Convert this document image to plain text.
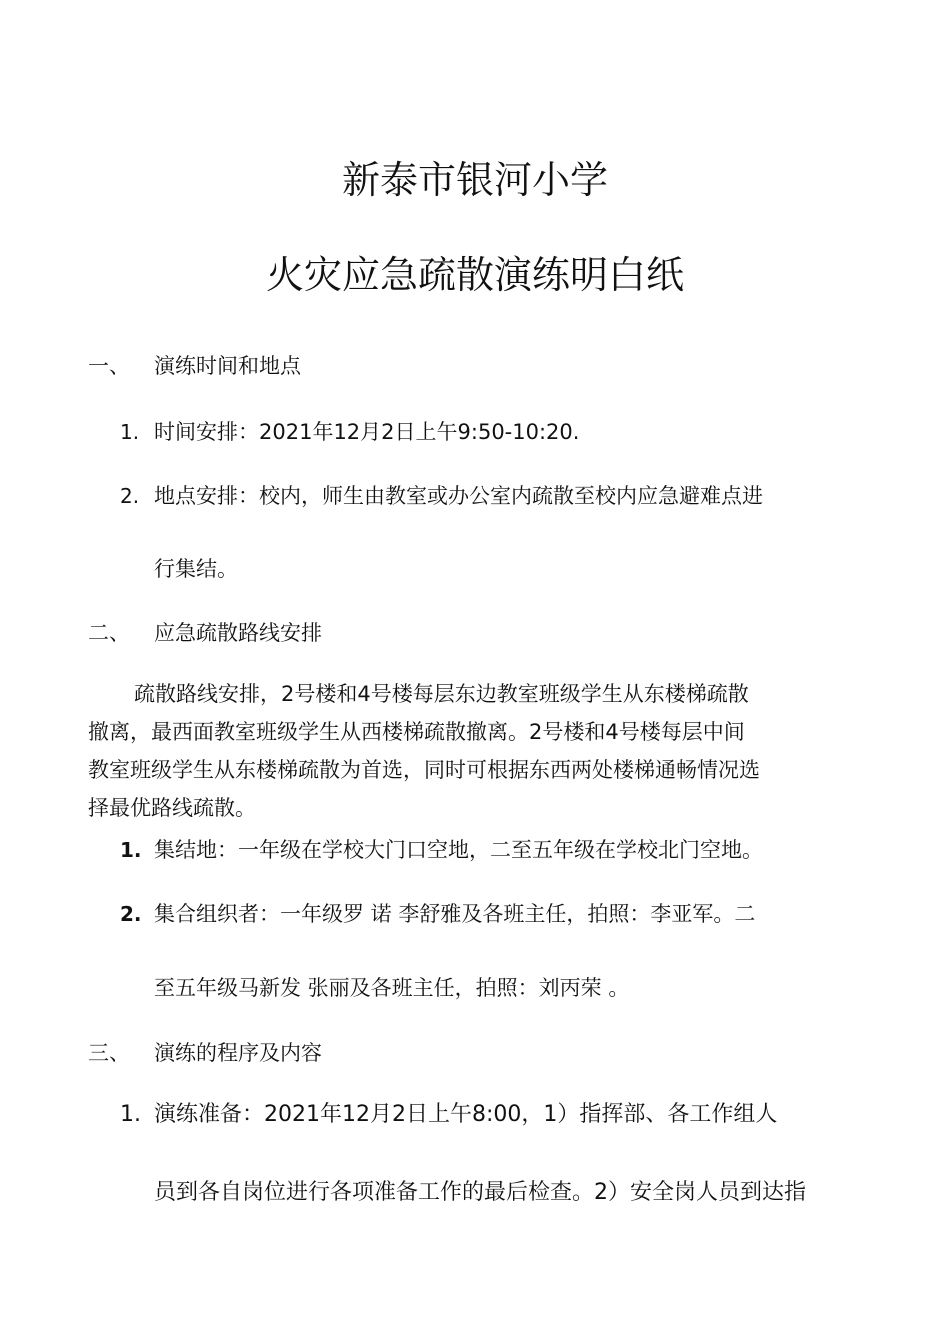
新泰市银河小学
火灾应急疏散演练明白纸
一、 演练时间和地点
1. 时间安排：2021年12月2日上午9:50-10:20.
2. 地点安排：校内，师生由教室或办公室内疏散至校内应急避难点进
行集结。
二、 应急疏散路线安排
疏散路线安排，2号楼和4号楼每层东边教室班级学生从东楼梯疏散
撤离，最西面教室班级学生从西楼梯疏散撤离。2号楼和4号楼每层中间
教室班级学生从东楼梯疏散为首选，同时可根据东西两处楼梯通畅情况选
择最优路线疏散。
1. 集结地：一年级在学校大门口空地，二至五年级在学校北门空地。
2. 集合组织者：一年级罗 诺 李舒雅及各班主任，拍照：李亚军。二
至五年级马新发 张丽及各班主任，拍照：刘丙荣 。
三、 演练的程序及内容
1. 演练准备：2021年12月2日上午8:00，1）指挥部、各工作组人
员到各自岗位进行各项准备工作的最后检查。2）安全岗人员到达指
